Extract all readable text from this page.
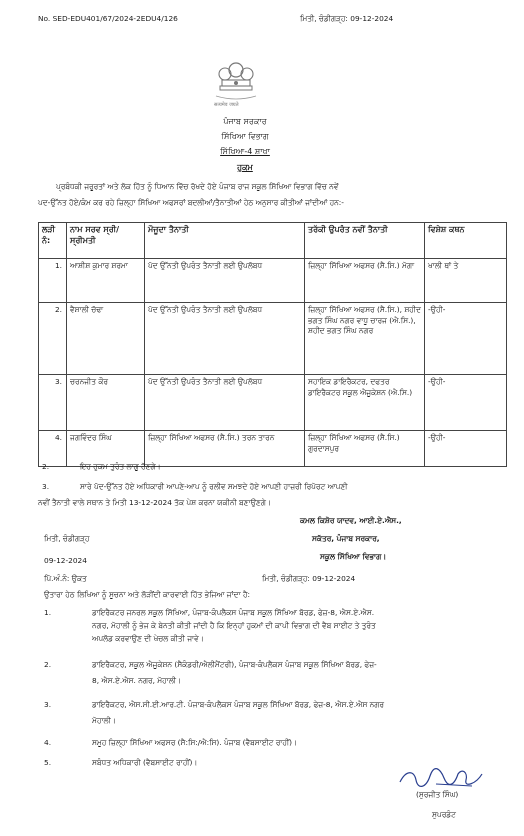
No. SED-EDU401/67/2024-2EDU4/126	ਮਿਤੀ, ਚੰਡੀਗੜ੍ਹ: 09-12-2024
सत्यमेव जयते
ਪੰਜਾਬ ਸਰਕਾਰ
ਸਿੱਖਿਆ ਵਿਭਾਗ
ਸਿੱਖਿਆ-4 ਸ਼ਾਖਾ
ਹੁਕਮ
ਪ੍ਰਬੰਧਕੀ ਜਰੂਰਤਾਂ ਅਤੇ ਲੋਕ ਹਿੱਤ ਨੂੰ ਧਿਆਨ ਵਿੱਚ ਰੱਖਦੇ ਹੋਏ ਪੰਜਾਬ ਰਾਜ ਸਕੂਲ ਸਿੱਖਿਆ ਵਿਭਾਗ ਵਿੱਚ ਨਵੇਂ
ਪਦ-ਉੱਨਤ ਹੋਏ/ਕੰਮ ਕਰ ਰਹੇ ਜ਼ਿਲ੍ਹਾ ਸਿੱਖਿਆ ਅਫਸਰਾਂ ਬਦਲੀਆਂ/ਤੈਨਾਤੀਆਂ ਹੇਠ ਅਨੁਸਾਰ ਕੀਤੀਆਂ ਜਾਂਦੀਆਂ ਹਨ:-
ਲੜੀ ਨੰ:	ਨਾਮ ਸਰਵ ਸ੍ਰੀ/ਸ੍ਰੀਮਤੀ	ਮੌਜੂਦਾ ਤੈਨਾਤੀ	ਤਰੱਕੀ ਉਪਰੰਤ ਨਵੀਂ ਤੈਨਾਤੀ	ਵਿਸ਼ੇਸ਼ ਕਥਨ
1.	ਆਸ਼ੀਸ਼ ਕੁਮਾਰ ਸ਼ਰਮਾ	ਪੱਦ ਉੱਨਤੀ ਉਪਰੰਤ ਤੈਨਾਤੀ ਲਈ ਉਪਲੱਬਧ	ਜ਼ਿਲ੍ਹਾ ਸਿੱਖਿਆ ਅਫਸਰ (ਸੈ.ਸਿ.) ਮੋਗਾ	ਖਾਲੀ ਥਾਂ ਤੇ
2.	ਵੈਸ਼ਾਲੀ ਚੱਢਾ	ਪੱਦ ਉੱਨਤੀ ਉਪਰੰਤ ਤੈਨਾਤੀ ਲਈ ਉਪਲੱਬਧ	ਜ਼ਿਲ੍ਹਾ ਸਿੱਖਿਆ ਅਫਸਰ (ਸੈ.ਸਿ.), ਸ਼ਹੀਦ ਭਗਤ ਸਿੰਘ ਨਗਰ ਵਾਧੂ ਚਾਰਜ (ਐ.ਸਿ.), ਸ਼ਹੀਦ ਭਗਤ ਸਿੰਘ ਨਗਰ	-ਉਹੀ-
3.	ਚਰਨਜੀਤ ਕੌਰ	ਪੱਦ ਉੱਨਤੀ ਉਪਰੰਤ ਤੈਨਾਤੀ ਲਈ ਉਪਲੱਬਧ	ਸਹਾਇਕ ਡਾਇਰੈਕਟਰ, ਦਫਤਰ ਡਾਇਰੈਕਟਰ ਸਕੂਲ ਐਜੂਕੇਸ਼ਨ (ਐ.ਸਿ.)	-ਉਹੀ-
4.	ਜਗਵਿੰਦਰ ਸਿੰਘ	ਜ਼ਿਲ੍ਹਾ ਸਿੱਖਿਆ ਅਫਸਰ (ਸੈ.ਸਿ.) ਤਰਨ ਤਾਰਨ	ਜ਼ਿਲ੍ਹਾ ਸਿੱਖਿਆ ਅਫਸਰ (ਸੈ.ਸਿ.) ਗੁਰਦਾਸਪੁਰ	-ਉਹੀ-
2.	ਇਹ ਹੁਕਮ ਤੁਰੰਤ ਲਾਗੂ ਹੋਣਗੇ।
3.	ਸਾਰੇ ਪੱਦ-ਉੱਨਤ ਹੋਏ ਅਧਿਕਾਰੀ ਆਪਣੇ-ਆਪ ਨੂੰ ਰਲੀਵ ਸਮਝਦੇ ਹੋਏ ਆਪਣੀ ਹਾਜ਼ਰੀ ਰਿਪੋਰਟ ਆਪਣੀ
ਨਵੀਂ ਤੈਨਾਤੀ ਵਾਲੇ ਸਥਾਨ ਤੇ ਮਿਤੀ 13-12-2024 ਤੱਕ ਪੇਸ਼ ਕਰਨਾ ਯਕੀਨੀ ਬਣਾਉਣਗੇ।
ਕਮਲ ਕਿਸ਼ੋਰ ਯਾਦਵ, ਆਈ.ਏ.ਐਸ.,
ਸਕੱਤਰ, ਪੰਜਾਬ ਸਰਕਾਰ,
ਸਕੂਲ ਸਿੱਖਿਆ ਵਿਭਾਗ।
ਮਿਤੀ, ਚੰਡੀਗੜ੍ਹ
09-12-2024
ਪਿੱ.ਅੰ.ਨੰ: ਉਕਤ	ਮਿਤੀ, ਚੰਡੀਗੜ੍ਹ: 09-12-2024
ਉਤਾਰਾ ਹੇਠ ਲਿਖਿਆ ਨੂੰ ਸੂਚਨਾ ਅਤੇ ਲੋੜੀਂਦੀ ਕਾਰਵਾਈ ਹਿੱਤ ਭੇਜਿਆ ਜਾਂਦਾ ਹੈ:
1.	ਡਾਇਰੈਕਟਰ ਜਨਰਲ ਸਕੂਲ ਸਿੱਖਿਆ, ਪੰਜਾਬ-ਕੰਪਲੈਕਸ ਪੰਜਾਬ ਸਕੂਲ ਸਿੱਖਿਆ ਬੋਰਡ, ਫੇਜ਼-8, ਐਸ.ਏ.ਐਸ.
ਨਗਰ, ਮੋਹਾਲੀ ਨੂੰ ਭੇਜ ਕੇ ਬੇਨਤੀ ਕੀਤੀ ਜਾਂਦੀ ਹੈ ਕਿ ਇਨ੍ਹਾਂ ਹੁਕਮਾਂ ਦੀ ਕਾਪੀ ਵਿਭਾਗ ਦੀ ਵੈਬ ਸਾਈਟ ਤੇ ਤੁਰੰਤ
ਅਪਲੋਡ ਕਰਵਾਉਣ ਦੀ ਖੇਚਲ ਕੀਤੀ ਜਾਵੇ।
2.	ਡਾਇਰੈਕਟਰ, ਸਕੂਲ ਐਜੂਕੇਸ਼ਨ (ਸੈਕੰਡਰੀ/ਐਲੀਮੈਂਟਰੀ), ਪੰਜਾਬ-ਕੰਪਲੈਕਸ ਪੰਜਾਬ ਸਕੂਲ ਸਿੱਖਿਆ ਬੋਰਡ, ਫੇਜ਼-
8, ਐਸ.ਏ.ਐਸ. ਨਗਰ, ਮੋਹਾਲੀ।
3.	ਡਾਇਰੈਕਟਰ, ਐਸ.ਸੀ.ਈ.ਆਰ.ਟੀ. ਪੰਜਾਬ-ਕੰਪਲੈਕਸ ਪੰਜਾਬ ਸਕੂਲ ਸਿੱਖਿਆ ਬੋਰਡ, ਫੇਜ਼-8, ਐਸ.ਏ.ਐਸ ਨਗਰ
ਮੋਹਾਲੀ।
4.	ਸਮੂਹ ਜ਼ਿਲ੍ਹਾ ਸਿੱਖਿਆ ਅਫਸਰ (ਸੈ:ਸਿ:/ਐ:ਸਿ). ਪੰਜਾਬ (ਵੈਬਸਾਈਟ ਰਾਹੀਂ)।
5.	ਸਬੰਧਤ ਅਧਿਕਾਰੀ (ਵੈਬਸਾਈਟ ਰਾਹੀਂ)।
(ਸੁਰਜੀਤ ਸਿੰਘ)
ਸੁਪਰਡੰਟ
